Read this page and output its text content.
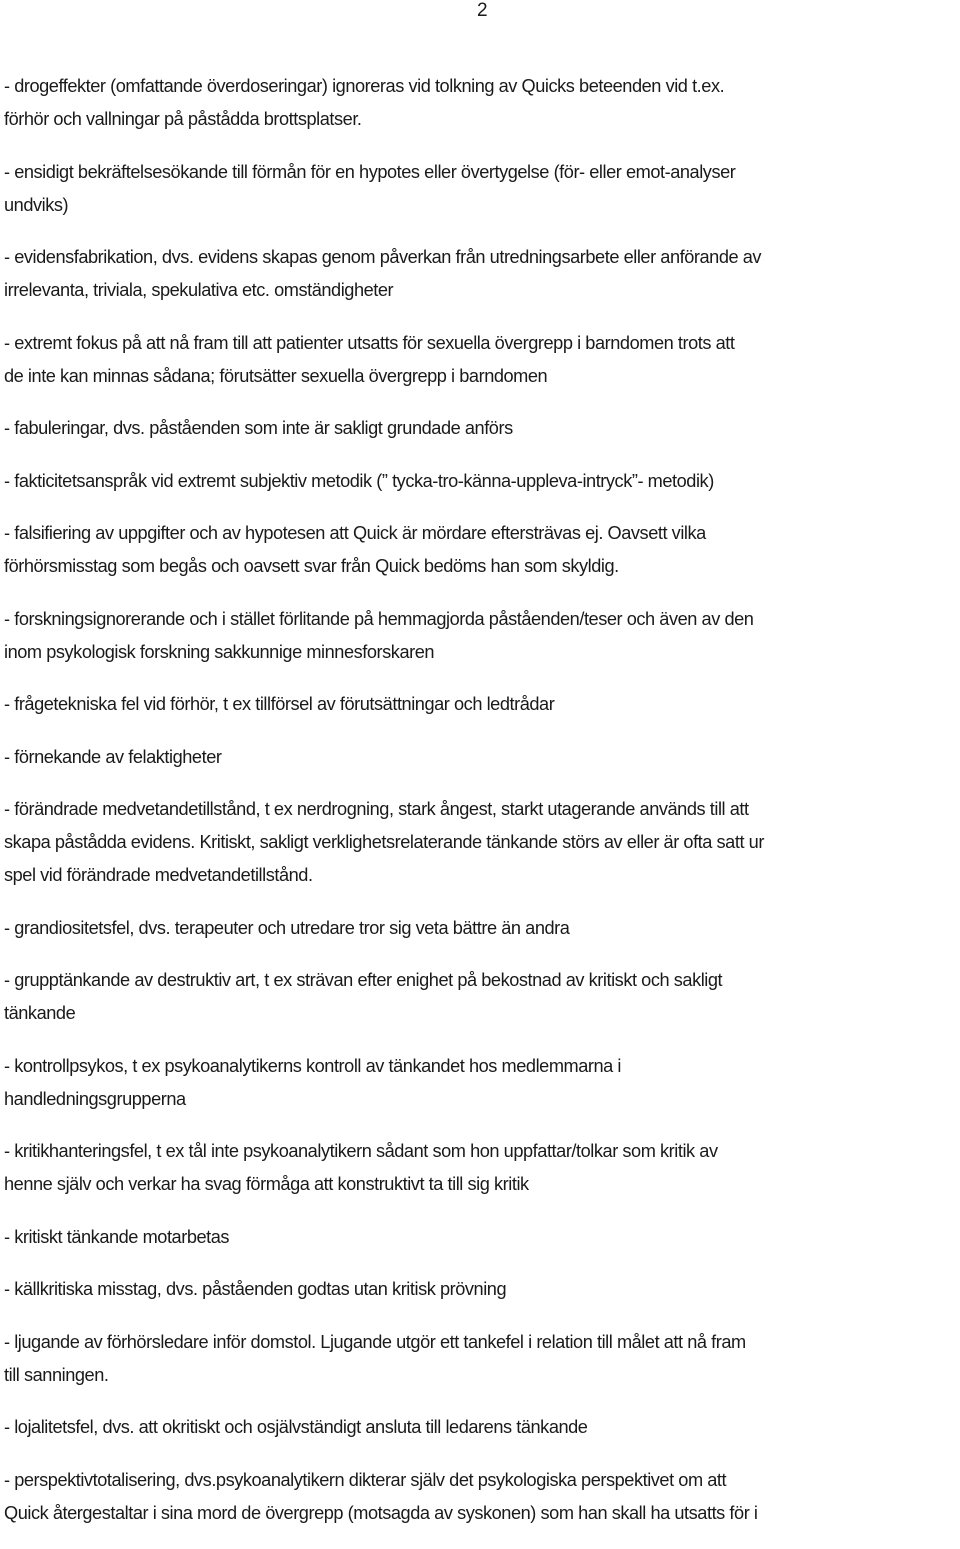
2

- drogeffekter (omfattande överdoseringar) ignoreras vid tolkning av Quicks beteenden vid t.ex.
förhör och vallningar på påstådda brottsplatser.

- ensidigt bekräftelsesökande till förmån för en hypotes eller övertygelse (för- eller emot-analyser
undviks)

- evidensfabrikation, dvs. evidens skapas genom påverkan från utredningsarbete eller anförande av
irrelevanta, triviala, spekulativa etc. omständigheter

- extremt fokus på att nå fram till att patienter utsatts för sexuella övergrepp i barndomen trots att
de inte kan minnas sådana; förutsätter sexuella övergrepp i barndomen

- fabuleringar, dvs. påståenden som inte är sakligt grundade anförs

- fakticitetsanspråk vid extremt subjektiv metodik (” tycka-tro-känna-uppleva-intryck”- metodik)

- falsifiering av uppgifter och av hypotesen att Quick är mördare eftersträvas ej. Oavsett vilka
förhörsmisstag som begås och oavsett svar från Quick bedöms han som skyldig.

- forskningsignorerande och i stället förlitande på hemmagjorda påståenden/teser och även av den
inom psykologisk forskning sakkunnige minnesforskaren

- frågetekniska fel vid förhör, t ex tillförsel av förutsättningar och ledtrådar

- förnekande av felaktigheter

- förändrade medvetandetillstånd, t ex nerdrogning, stark ångest, starkt utagerande används till att
skapa påstådda evidens. Kritiskt, sakligt verklighetsrelaterande tänkande störs av eller är ofta satt ur
spel vid förändrade medvetandetillstånd.

- grandiositetsfel, dvs. terapeuter och utredare tror sig veta bättre än andra

- grupptänkande av destruktiv art, t ex strävan efter enighet på bekostnad av kritiskt och sakligt
tänkande

- kontrollpsykos, t ex psykoanalytikerns kontroll av tänkandet hos medlemmarna i
handledningsgrupperna

- kritikhanteringsfel, t ex tål inte psykoanalytikern sådant som hon uppfattar/tolkar som kritik av
henne själv och verkar ha svag förmåga att konstruktivt ta till sig kritik

- kritiskt tänkande motarbetas

- källkritiska misstag, dvs. påståenden godtas utan kritisk prövning

- ljugande av förhörsledare inför domstol. Ljugande utgör ett tankefel i relation till målet att nå fram
till sanningen.

- lojalitetsfel, dvs. att okritiskt och osjälvständigt ansluta till ledarens tänkande

- perspektivtotalisering, dvs.psykoanalytikern dikterar själv det psykologiska perspektivet om att
Quick återgestaltar i sina mord de övergrepp (motsagda av syskonen) som han skall ha utsatts för i
